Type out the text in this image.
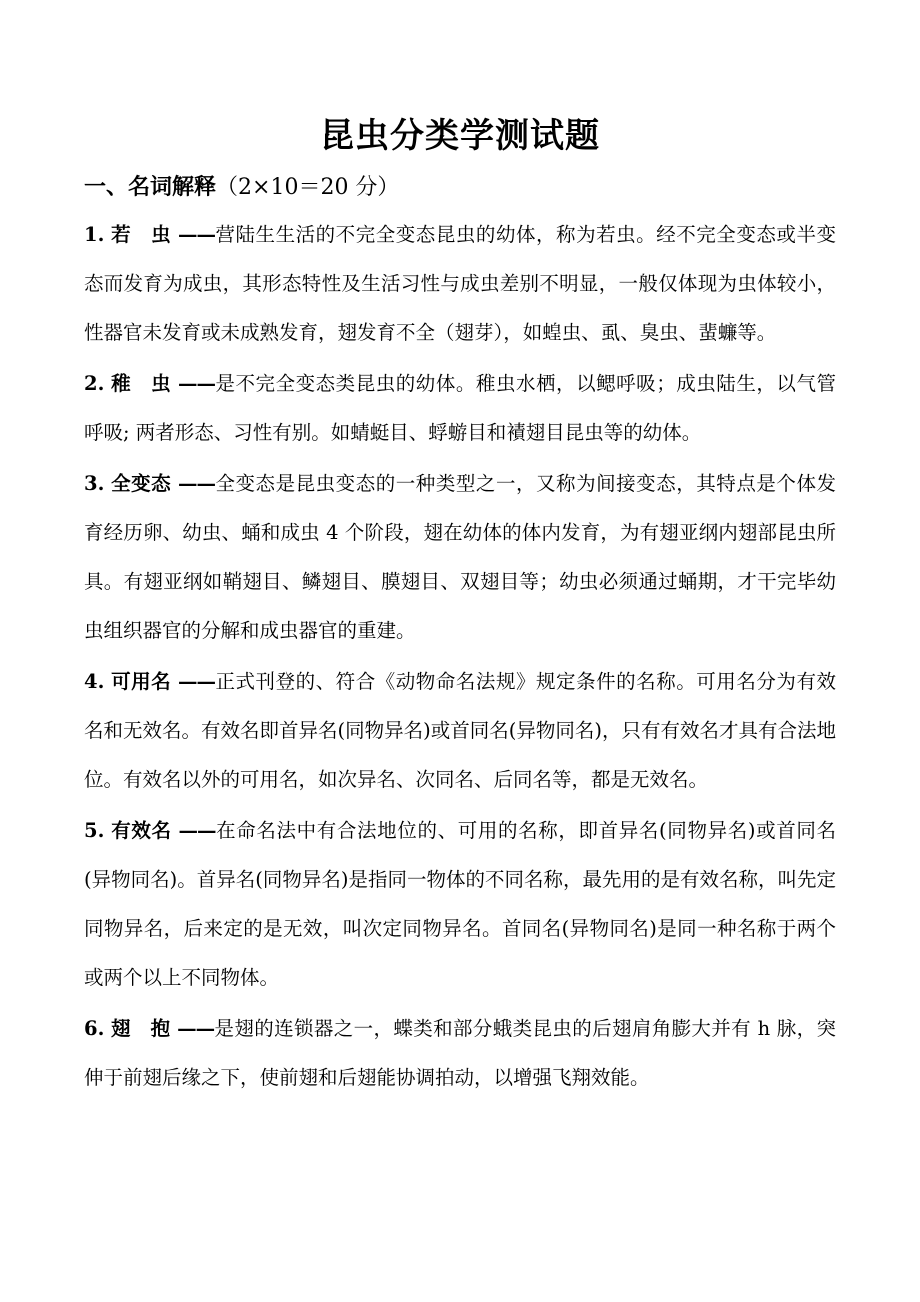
昆虫分类学测试题
一、名词解释（2×10＝20 分）

1. 若　虫 ——营陆生生活的不完全变态昆虫的幼体，称为若虫。经不完全变态或半变态而发育为成虫，其形态特性及生活习性与成虫差别不明显，一般仅体现为虫体较小，性器官未发育或未成熟发育，翅发育不全（翅芽），如蝗虫、虱、臭虫、蜚蠊等。

2. 稚　虫 ——是不完全变态类昆虫的幼体。稚虫水栖，以鳃呼吸；成虫陆生，以气管呼吸; 两者形态、习性有别。如蜻蜓目、蜉蝣目和襀翅目昆虫等的幼体。

3. 全变态 ——全变态是昆虫变态的一种类型之一，又称为间接变态，其特点是个体发育经历卵、幼虫、蛹和成虫 4 个阶段，翅在幼体的体内发育，为有翅亚纲内翅部昆虫所具。有翅亚纲如鞘翅目、鳞翅目、膜翅目、双翅目等；幼虫必须通过蛹期，才干完毕幼虫组织器官的分解和成虫器官的重建。

4. 可用名 ——正式刊登的、符合《动物命名法规》规定条件的名称。可用名分为有效名和无效名。有效名即首异名(同物异名)或首同名(异物同名)，只有有效名才具有合法地位。有效名以外的可用名，如次异名、次同名、后同名等，都是无效名。

5. 有效名 ——在命名法中有合法地位的、可用的名称，即首异名(同物异名)或首同名(异物同名)。首异名(同物异名)是指同一物体的不同名称，最先用的是有效名称，叫先定同物异名，后来定的是无效，叫次定同物异名。首同名(异物同名)是同一种名称于两个或两个以上不同物体。

6. 翅　抱 ——是翅的连锁器之一，蝶类和部分蛾类昆虫的后翅肩角膨大并有 h 脉，突伸于前翅后缘之下，使前翅和后翅能协调拍动，以增强飞翔效能。
